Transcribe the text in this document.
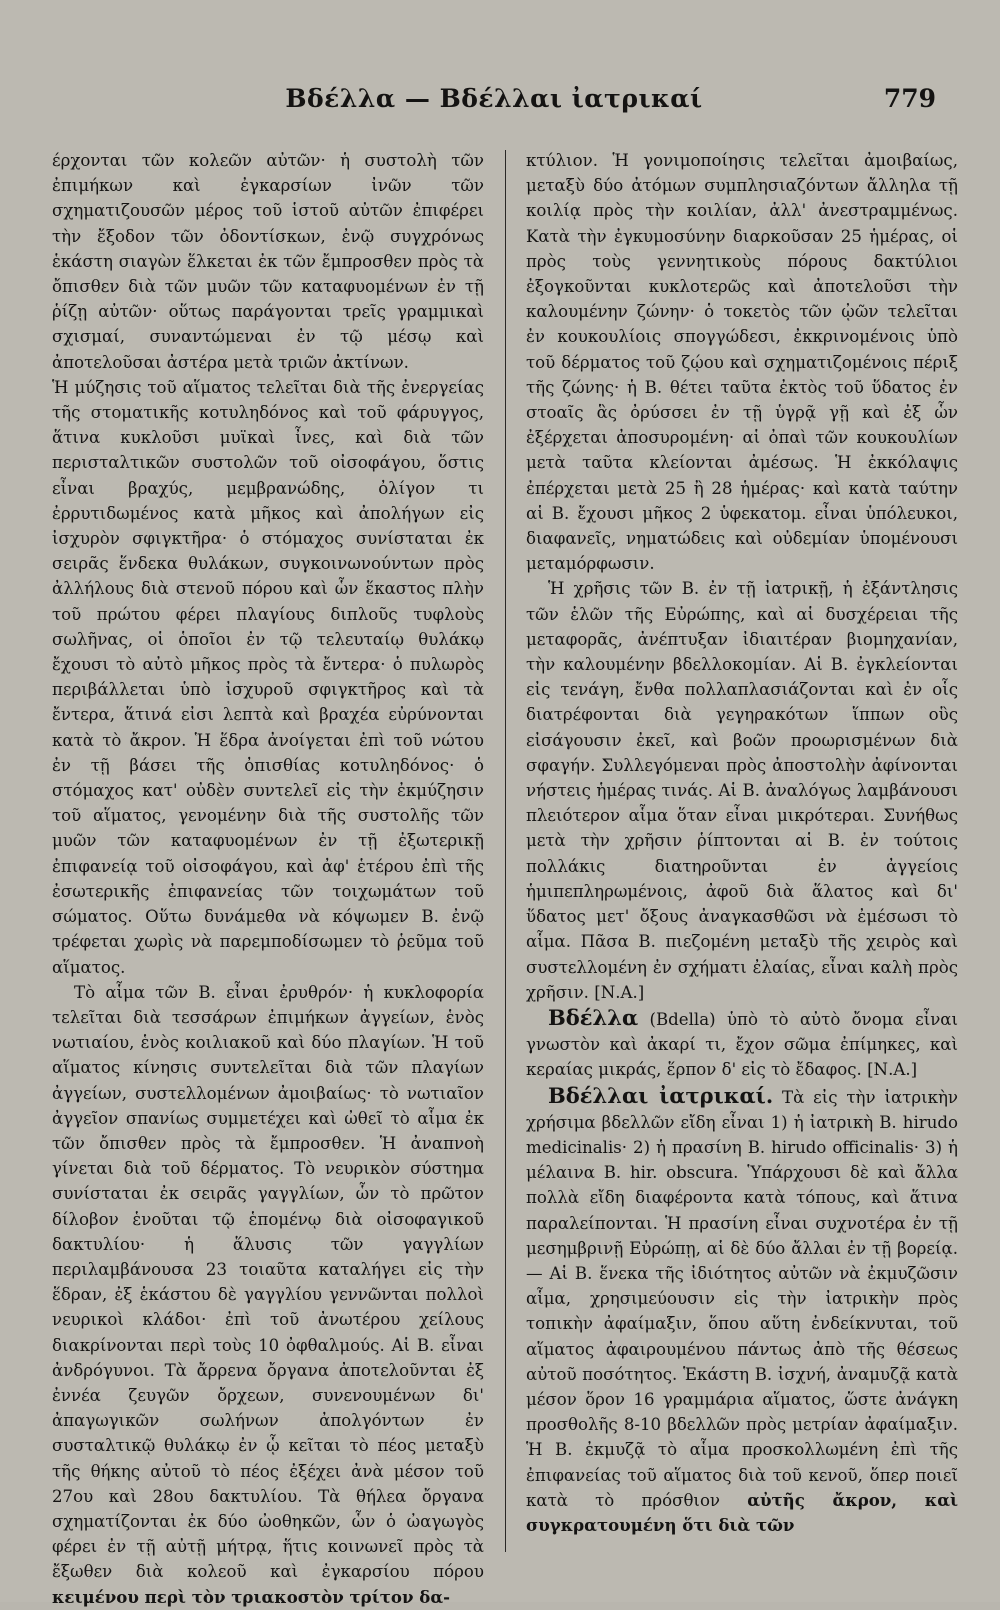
Βδέλλα — Βδέλλαι ἰατρικαί	779

έρχονται τῶν κολεῶν αὐτῶν· ἡ συστολὴ τῶν ἐπιμήκων καὶ ἐγκαρσίων ἰνῶν τῶν σχηματιζουσῶν μέρος τοῦ ἱστοῦ αὐτῶν ἐπιφέρει τὴν ἔξοδον τῶν ὀδοντίσκων, ἐνῷ συγχρόνως ἑκάστη σιαγὼν ἕλκεται ἐκ τῶν ἔμπροσθεν πρὸς τὰ ὄπισθεν διὰ τῶν μυῶν τῶν καταφυομένων ἐν τῇ ῥίζῃ αὐτῶν· οὕτως παράγονται τρεῖς γραμμικαὶ σχισμαί, συναντώμεναι ἐν τῷ μέσῳ καὶ ἀποτελοῦσαι ἀστέρα μετὰ τριῶν ἀκτίνων.

Ἡ μύζησις τοῦ αἵματος τελεῖται διὰ τῆς ἐνεργείας τῆς στοματικῆς κοτυληδόνος καὶ τοῦ φάρυγγος, ἅτινα κυκλοῦσι μυϊκαὶ ἶνες, καὶ διὰ τῶν περισταλτικῶν συστολῶν τοῦ οἰσοφάγου, ὅστις εἶναι βραχύς, μεμβρανώδης, ὀλίγον τι ἐρρυτιδωμένος κατὰ μῆκος καὶ ἀπολήγων εἰς ἰσχυρὸν σφιγκτῆρα· ὁ στόμαχος συνίσταται ἐκ σειρᾶς ἕνδεκα θυλάκων, συγκοινωνούντων πρὸς ἀλλήλους διὰ στενοῦ πόρου καὶ ὧν ἕκαστος πλὴν τοῦ πρώτου φέρει πλαγίους διπλοῦς τυφλοὺς σωλῆνας, οἱ ὁποῖοι ἐν τῷ τελευταίῳ θυλάκῳ ἔχουσι τὸ αὐτὸ μῆκος πρὸς τὰ ἔντερα· ὁ πυλωρὸς περιβάλλεται ὑπὸ ἰσχυροῦ σφιγκτῆρος καὶ τὰ ἔντερα, ἅτινά εἰσι λεπτὰ καὶ βραχέα εὐρύνονται κατὰ τὸ ἄκρον. Ἡ ἕδρα ἀνοίγεται ἐπὶ τοῦ νώτου ἐν τῇ βάσει τῆς ὀπισθίας κοτυληδόνος· ὁ στόμαχος κατ' οὐδὲν συντελεῖ εἰς τὴν ἐκμύζησιν τοῦ αἵματος, γενομένην διὰ τῆς συστολῆς τῶν μυῶν τῶν καταφυομένων ἐν τῇ ἐξωτερικῇ ἐπιφανείᾳ τοῦ οἰσοφάγου, καὶ ἀφ' ἑτέρου ἐπὶ τῆς ἐσωτερικῆς ἐπιφανείας τῶν τοιχωμάτων τοῦ σώματος. Οὕτω δυνάμεθα νὰ κόψωμεν Β. ἐνῷ τρέφεται χωρὶς νὰ παρεμποδίσωμεν τὸ ῥεῦμα τοῦ αἵματος.

Τὸ αἷμα τῶν Β. εἶναι ἐρυθρόν· ἡ κυκλοφορία τελεῖται διὰ τεσσάρων ἐπιμήκων ἀγγείων, ἑνὸς νωτιαίου, ἑνὸς κοιλιακοῦ καὶ δύο πλαγίων. Ἡ τοῦ αἵματος κίνησις συντελεῖται διὰ τῶν πλαγίων ἀγγείων, συστελλομένων ἀμοιβαίως· τὸ νωτιαῖον ἀγγεῖον σπανίως συμμετέχει καὶ ὠθεῖ τὸ αἷμα ἐκ τῶν ὄπισθεν πρὸς τὰ ἔμπροσθεν. Ἡ ἀναπνοὴ γίνεται διὰ τοῦ δέρματος. Τὸ νευρικὸν σύστημα συνίσταται ἐκ σειρᾶς γαγγλίων, ὧν τὸ πρῶτον δίλοβον ἑνοῦται τῷ ἑπομένῳ διὰ οἰσοφαγικοῦ δακτυλίου· ἡ ἅλυσις τῶν γαγγλίων περιλαμβάνουσα 23 τοιαῦτα καταλήγει εἰς τὴν ἕδραν, ἐξ ἑκάστου δὲ γαγγλίου γεννῶνται πολλοὶ νευρικοὶ κλάδοι· ἐπὶ τοῦ ἀνωτέρου χείλους διακρίνονται περὶ τοὺς 10 ὀφθαλμούς. Αἱ Β. εἶναι ἀνδρόγυνοι. Τὰ ἄρρενα ὄργανα ἀποτελοῦνται ἐξ ἐννέα ζευγῶν ὄρχεων, συνενουμένων δι' ἀπαγωγικῶν σωλήνων ἀπολγόντων ἐν συσταλτικῷ θυλάκῳ ἐν ᾧ κεῖται τὸ πέος μεταξὺ τῆς θήκης αὐτοῦ τὸ πέος ἐξέχει ἀνὰ μέσον τοῦ 27ου καὶ 28ου δακτυλίου. Τὰ θήλεα ὄργανα σχηματίζονται ἐκ δύο ὠοθηκῶν, ὧν ὁ ὠαγωγὸς φέρει ἐν τῇ αὐτῇ μήτρᾳ, ἥτις κοινωνεῖ πρὸς τὰ ἔξωθεν διὰ κολεοῦ καὶ ἐγκαρσίου πόρου κειμένου περὶ τὸν τριακοστὸν τρίτον δα-

κτύλιον. Ἡ γονιμοποίησις τελεῖται ἀμοιβαίως, μεταξὺ δύο ἀτόμων συμπλησιαζόντων ἄλληλα τῇ κοιλίᾳ πρὸς τὴν κοιλίαν, ἀλλ' ἀνεστραμμένως. Κατὰ τὴν ἐγκυμοσύνην διαρκοῦσαν 25 ἡμέρας, οἱ πρὸς τοὺς γεννητικοὺς πόρους δακτύλιοι ἐξογκοῦνται κυκλοτερῶς καὶ ἀποτελοῦσι τὴν καλουμένην ζώνην· ὁ τοκετὸς τῶν ᾠῶν τελεῖται ἐν κουκουλίοις σπογγώδεσι, ἐκκρινομένοις ὑπὸ τοῦ δέρματος τοῦ ζῴου καὶ σχηματιζομένοις πέριξ τῆς ζώνης· ἡ Β. θέτει ταῦτα ἐκτὸς τοῦ ὕδατος ἐν στοαῖς ἃς ὀρύσσει ἐν τῇ ὑγρᾷ γῇ καὶ ἐξ ὧν ἐξέρχεται ἀποσυρομένη· αἱ ὀπαὶ τῶν κουκουλίων μετὰ ταῦτα κλείονται ἀμέσως. Ἡ ἐκκόλαψις ἐπέρχεται μετὰ 25 ἢ 28 ἡμέρας· καὶ κατὰ ταύτην αἱ Β. ἔχουσι μῆκος 2 ὑφεκατομ. εἶναι ὑπόλευκοι, διαφανεῖς, νηματώδεις καὶ οὐδεμίαν ὑπομένουσι μεταμόρφωσιν.

Ἡ χρῆσις τῶν Β. ἐν τῇ ἰατρικῇ, ἡ ἐξάντλησις τῶν ἑλῶν τῆς Εὐρώπης, καὶ αἱ δυσχέρειαι τῆς μεταφορᾶς, ἀνέπτυξαν ἰδιαιτέραν βιομηχανίαν, τὴν καλουμένην βδελλοκομίαν. Αἱ Β. ἐγκλείονται εἰς τενάγη, ἔνθα πολλαπλασιάζονται καὶ ἐν οἷς διατρέφονται διὰ γεγηρακότων ἵππων οὓς εἰσάγουσιν ἐκεῖ, καὶ βοῶν προωρισμένων διὰ σφαγήν. Συλλεγόμεναι πρὸς ἀποστολὴν ἀφίνονται νήστεις ἡμέρας τινάς. Αἱ Β. ἀναλόγως λαμβάνουσι πλειότερον αἷμα ὅταν εἶναι μικρότεραι. Συνήθως μετὰ τὴν χρῆσιν ῥίπτονται αἱ Β. ἐν τούτοις πολλάκις διατηροῦνται ἐν ἀγγείοις ἡμιπεπληρωμένοις, ἀφοῦ διὰ ἅλατος καὶ δι' ὕδατος μετ' ὄξους ἀναγκασθῶσι νὰ ἐμέσωσι τὸ αἷμα. Πᾶσα Β. πιεζομένη μεταξὺ τῆς χειρὸς καὶ συστελλομένη ἐν σχήματι ἐλαίας, εἶναι καλὴ πρὸς χρῆσιν. [Ν.Α.]

Βδέλλα (Bdella) ὑπὸ τὸ αὐτὸ ὄνομα εἶναι γνωστὸν καὶ ἀκαρί τι, ἔχον σῶμα ἐπίμηκες, καὶ κεραίας μικράς, ἕρπον δ' εἰς τὸ ἔδαφος. [Ν.Α.]

Βδέλλαι ἰατρικαί. Τὰ εἰς τὴν ἰατρικὴν χρήσιμα βδελλῶν εἴδη εἶναι 1) ἡ ἰατρικὴ Β. hirudo medicinalis· 2) ἡ πρασίνη Β. hirudo officinalis· 3) ἡ μέλαινα Β. hir. obscura. Ὑπάρχουσι δὲ καὶ ἄλλα πολλὰ εἴδη διαφέροντα κατὰ τόπους, καὶ ἅτινα παραλείπονται. Ἡ πρασίνη εἶναι συχνοτέρα ἐν τῇ μεσημβρινῇ Εὐρώπῃ, αἱ δὲ δύο ἄλλαι ἐν τῇ βορείᾳ. — Αἱ Β. ἕνεκα τῆς ἰδιότητος αὐτῶν νὰ ἐκμυζῶσιν αἷμα, χρησιμεύουσιν εἰς τὴν ἰατρικὴν πρὸς τοπικὴν ἀφαίμαξιν, ὅπου αὕτη ἐνδείκνυται, τοῦ αἵματος ἀφαιρουμένου πάντως ἀπὸ τῆς θέσεως αὐτοῦ ποσότητος. Ἑκάστη Β. ἰσχνή, ἀναμυζᾷ κατὰ μέσον ὅρον 16 γραμμάρια αἵματος, ὥστε ἀνάγκη προσθολῆς 8-10 βδελλῶν πρὸς μετρίαν ἀφαίμαξιν. Ἡ Β. ἐκμυζᾷ τὸ αἷμα προσκολλωμένη ἐπὶ τῆς ἐπιφανείας τοῦ αἵματος διὰ τοῦ κενοῦ, ὅπερ ποιεῖ κατὰ τὸ πρόσθιον αὐτῆς ἄκρον, καὶ συγκρατουμένη ὅτι διὰ τῶν
